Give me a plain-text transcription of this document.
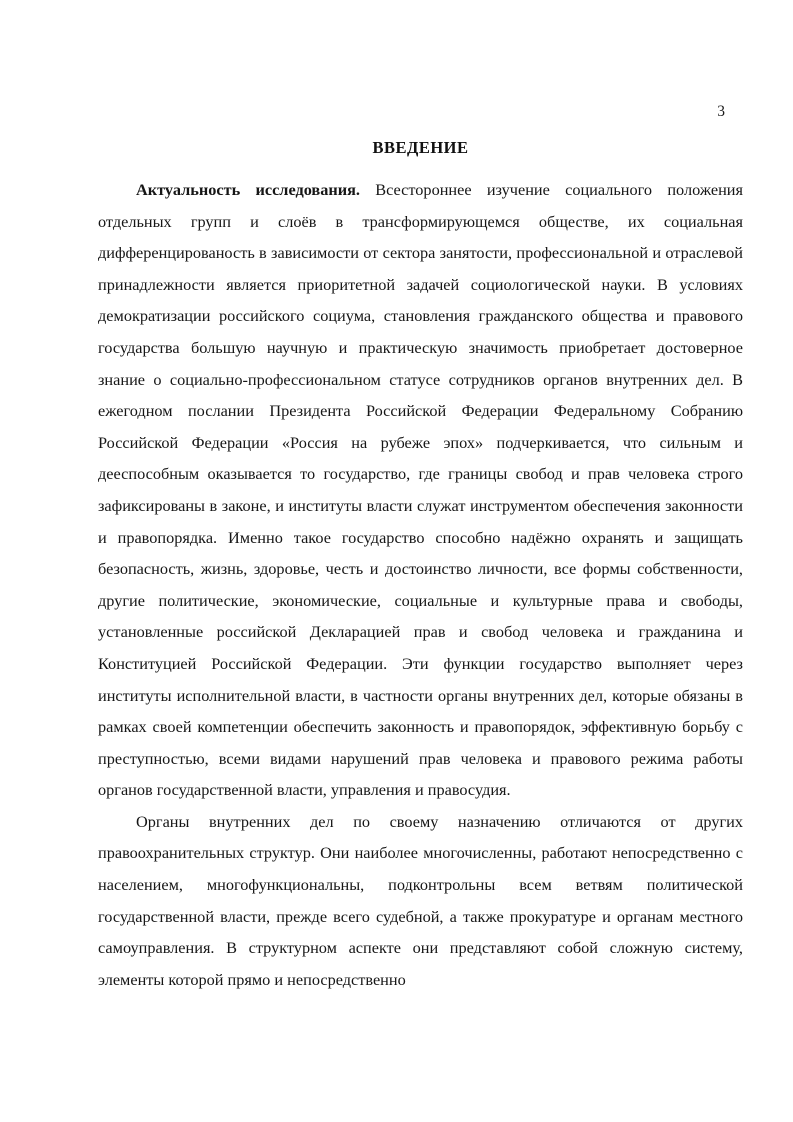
3
ВВЕДЕНИЕ

Актуальность исследования. Всестороннее изучение социального положения отдельных групп и слоёв в трансформирующемся обществе, их социальная дифференцированость в зависимости от сектора занятости, профессиональной и отраслевой принадлежности является приоритетной задачей социологической науки. В условиях демократизации российского социума, становления гражданского общества и правового государства большую научную и практическую значимость приобретает достоверное знание о социально-профессиональном статусе сотрудников органов внутренних дел. В ежегодном послании Президента Российской Федерации Федеральному Собранию Российской Федерации «Россия на рубеже эпох» подчеркивается, что сильным и дееспособным оказывается то государство, где границы свобод и прав человека строго зафиксированы в законе, и институты власти служат инструментом обеспечения законности и правопорядка. Именно такое государство способно надёжно охранять и защищать безопасность, жизнь, здоровье, честь и достоинство личности, все формы собственности, другие политические, экономические, социальные и культурные права и свободы, установленные российской Декларацией прав и свобод человека и гражданина и Конституцией Российской Федерации. Эти функции государство выполняет через институты исполнительной власти, в частности органы внутренних дел, которые обязаны в рамках своей компетенции обеспечить законность и правопорядок, эффективную борьбу с преступностью, всеми видами нарушений прав человека и правового режима работы органов государственной власти, управления и правосудия.

Органы внутренних дел по своему назначению отличаются от других правоохранительных структур. Они наиболее многочисленны, работают непосредственно с населением, многофункциональны, подконтрольны всем ветвям политической государственной власти, прежде всего судебной, а также прокуратуре и органам местного самоуправления. В структурном аспекте они представляют собой сложную систему, элементы которой прямо и непосредственно
